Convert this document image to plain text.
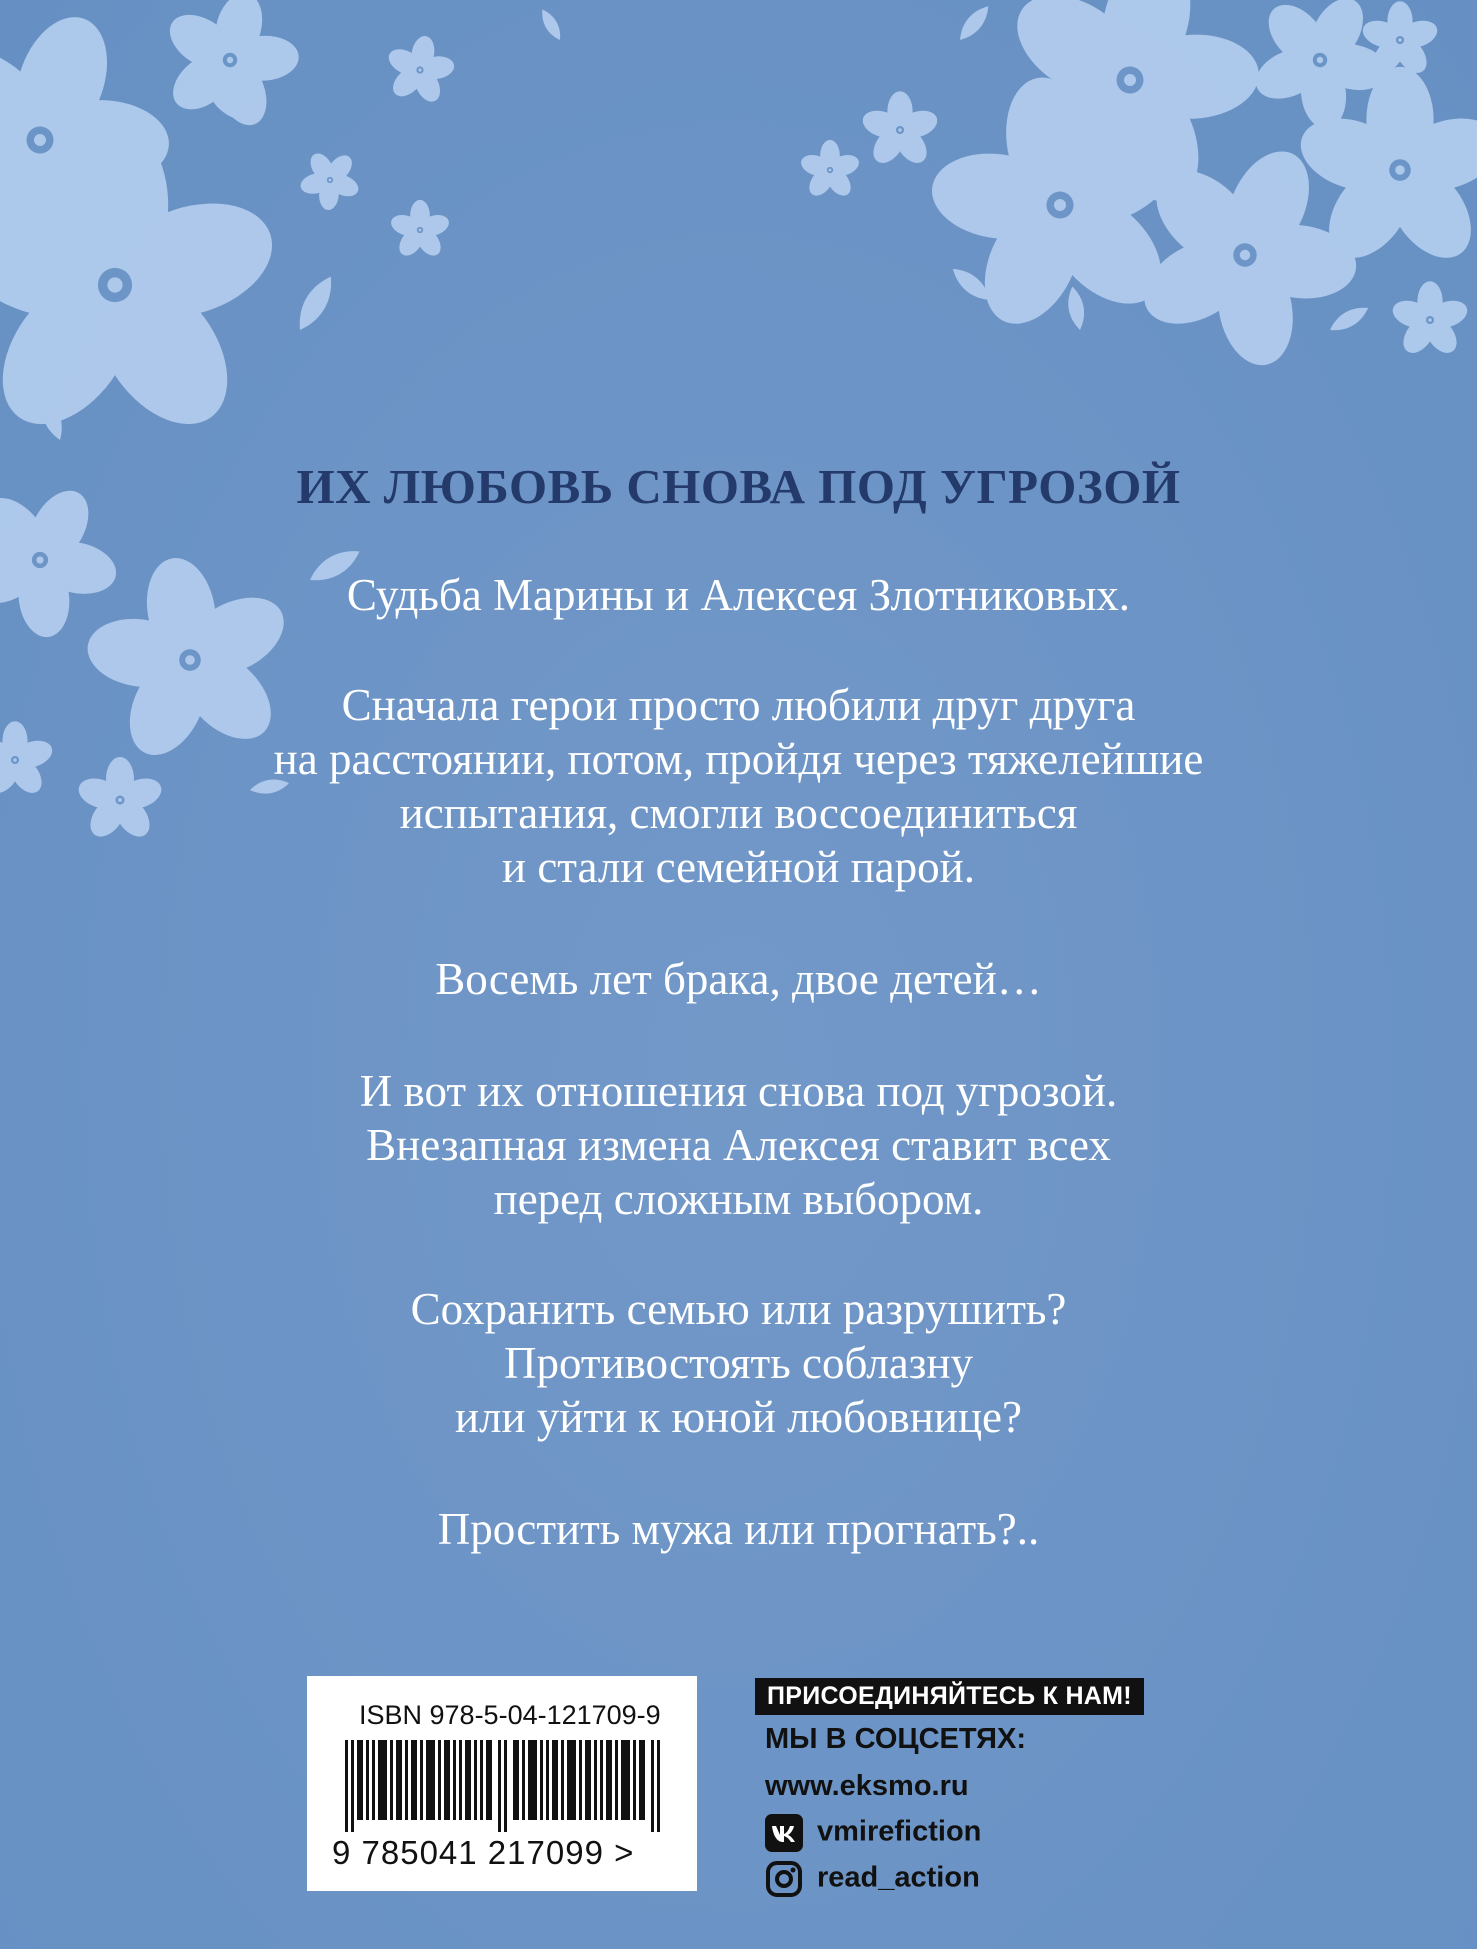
ИХ ЛЮБОВЬ СНОВА ПОД УГРОЗОЙ
Судьба Марины и Алексея Злотниковых.
Сначала герои просто любили друг друга
на расстоянии, потом, пройдя через тяжелейшие
испытания, смогли воссоединиться
и стали семейной парой.
Восемь лет брака, двое детей…
И вот их отношения снова под угрозой.
Внезапная измена Алексея ставит всех
перед сложным выбором.
Сохранить семью или разрушить?
Противостоять соблазну
или уйти к юной любовнице?
Простить мужа или прогнать?..
ISBN 978-5-04-121709-9
9 785041 217099 >
ПРИСОЕДИНЯЙТЕСЬ К НАМ!
МЫ В СОЦСЕТЯХ:
www.eksmo.ru
vmirefiction
read_action
